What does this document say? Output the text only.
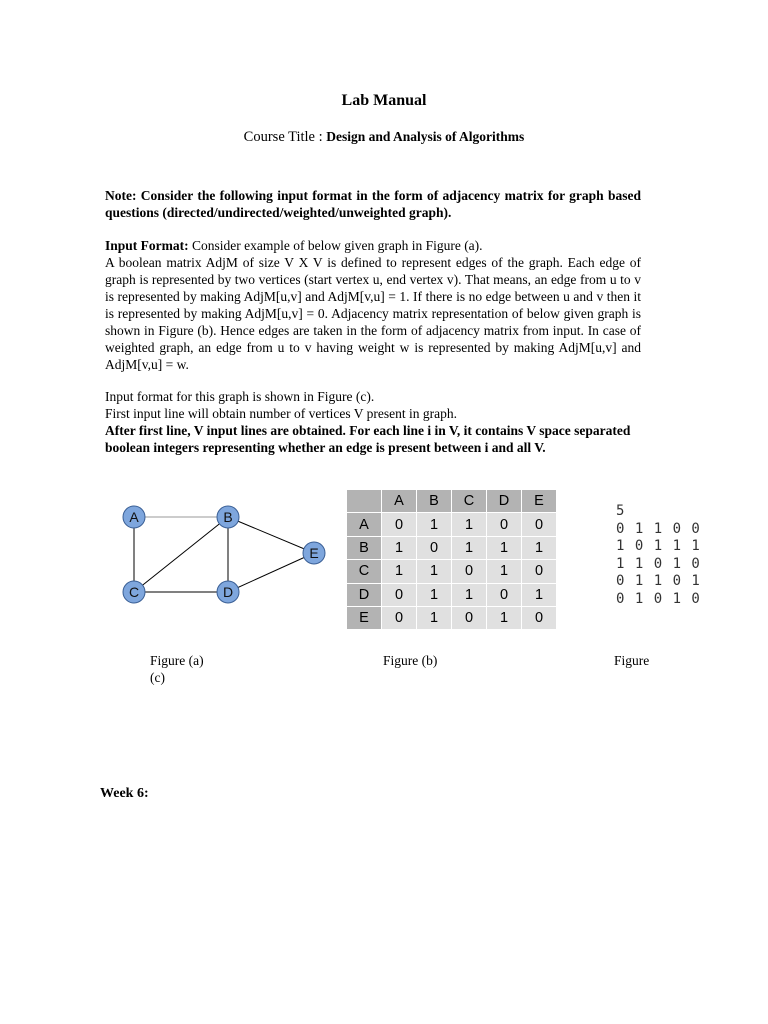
Lab Manual
Course Title : Design and Analysis of Algorithms
Note: Consider the following input format in the form of adjacency matrix for graph based questions (directed/undirected/weighted/unweighted graph).
Input Format: Consider example of below given graph in Figure (a).
A boolean matrix AdjM of size V X V is defined to represent edges of the graph. Each edge of graph is represented by two vertices (start vertex u, end vertex v). That means, an edge from u to v is represented by making AdjM[u,v] and AdjM[v,u] = 1. If there is no edge between u and v then it is represented by making AdjM[u,v] = 0. Adjacency matrix representation of below given graph is shown in Figure (b). Hence edges are taken in the form of adjacency matrix from input. In case of weighted graph, an edge from u to v having weight w is represented by making AdjM[u,v] and AdjM[v,u] = w.
Input format for this graph is shown in Figure (c).
First input line will obtain number of vertices V present in graph.
After first line, V input lines are obtained. For each line i in V, it contains V space separated boolean integers representing whether an edge is present between i and all V.
A	B
C	D
E
	A	B	C	D	E
A	0	1	1	0	0
B	1	0	1	1	1
C	1	1	0	1	0
D	0	1	1	0	1
E	0	1	0	1	0
5
0 1 1 0 0
1 0 1 1 1
1 1 0 1 0
0 1 1 0 1
0 1 0 1 0
Figure (a)
(c)
Figure (b)	Figure
Week 6:
